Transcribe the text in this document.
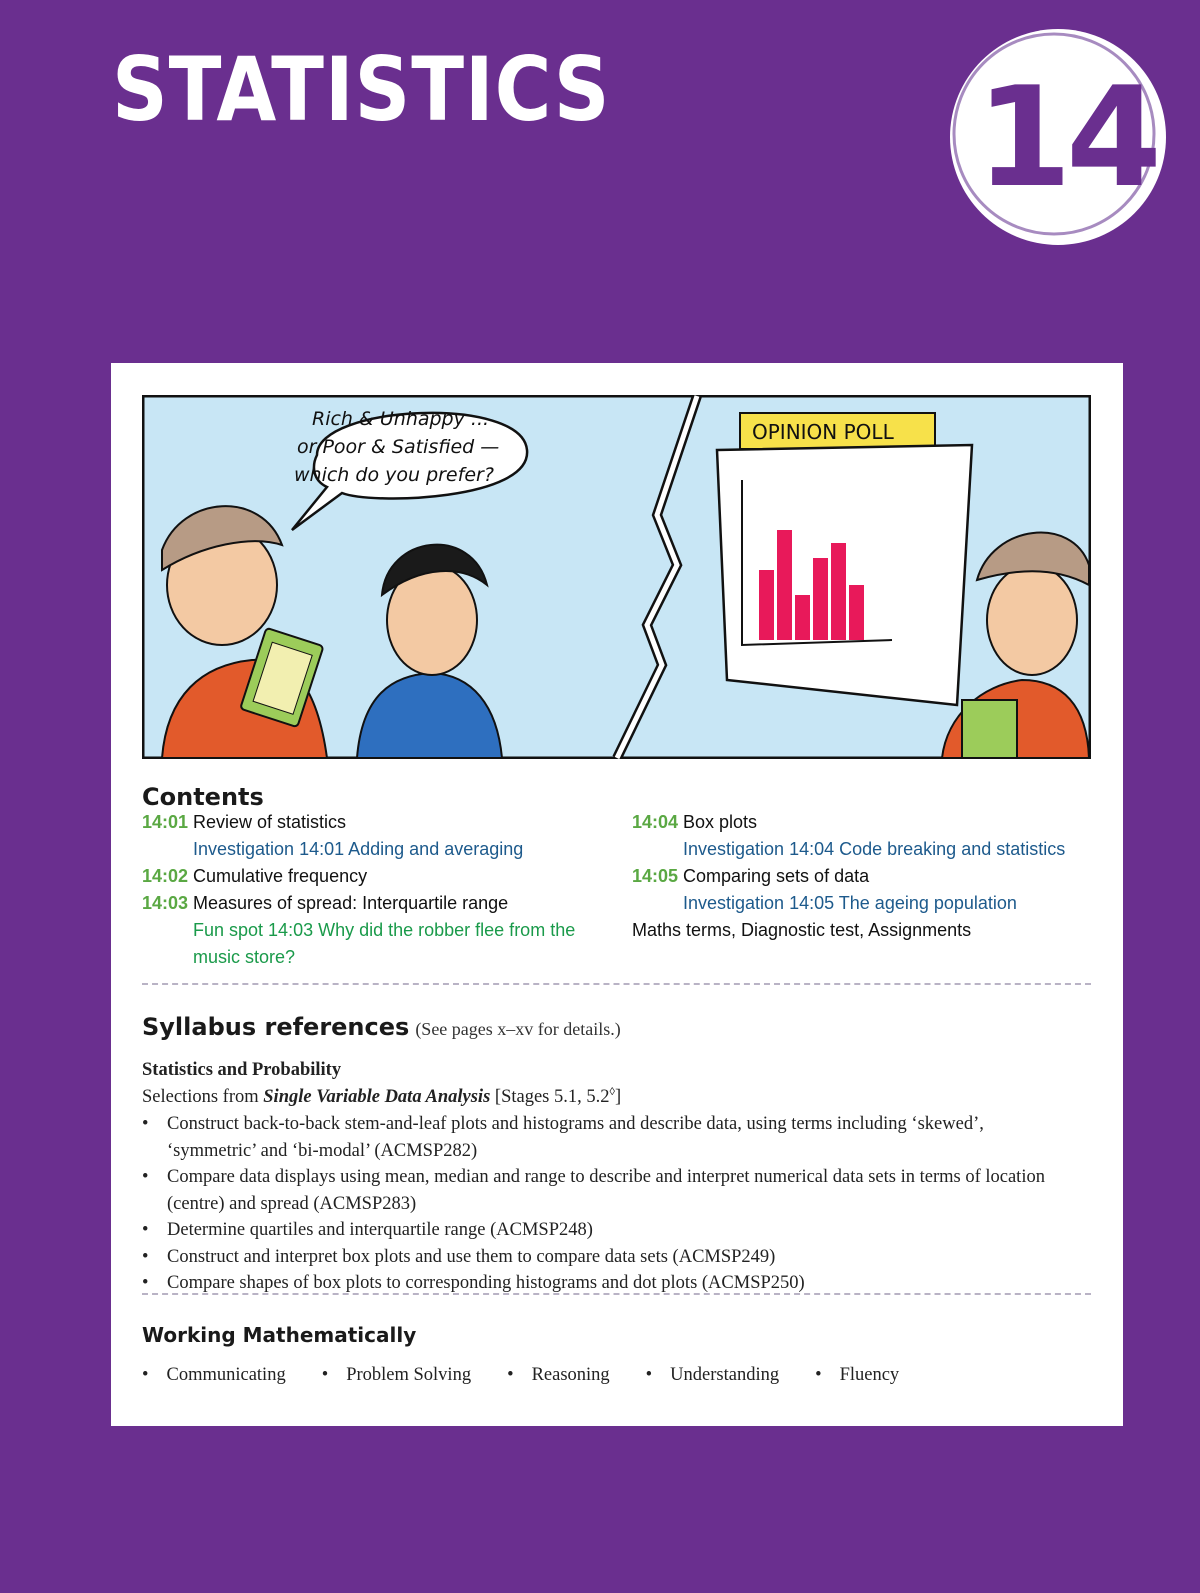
STATISTICS	14
Rich & Unhappy ...
or Poor & Satisfied —
which do you prefer?
OPINION POLL
Contents
14:01 Review of statistics
Investigation 14:01 Adding and averaging
14:02 Cumulative frequency
14:03 Measures of spread: Interquartile range
Fun spot 14:03 Why did the robber flee from the
music store?
14:04 Box plots
Investigation 14:04 Code breaking and statistics
14:05 Comparing sets of data
Investigation 14:05 The ageing population
Maths terms, Diagnostic test, Assignments
Syllabus references (See pages x–xv for details.)
Statistics and Probability
Selections from Single Variable Data Analysis [Stages 5.1, 5.2◊]
• Construct back-to-back stem-and-leaf plots and histograms and describe data, using terms including ‘skewed’, ‘symmetric’ and ‘bi-modal’ (ACMSP282)
• Compare data displays using mean, median and range to describe and interpret numerical data sets in terms of location (centre) and spread (ACMSP283)
• Determine quartiles and interquartile range (ACMSP248)
• Construct and interpret box plots and use them to compare data sets (ACMSP249)
• Compare shapes of box plots to corresponding histograms and dot plots (ACMSP250)
Working Mathematically
• Communicating • Problem Solving • Reasoning • Understanding • Fluency
